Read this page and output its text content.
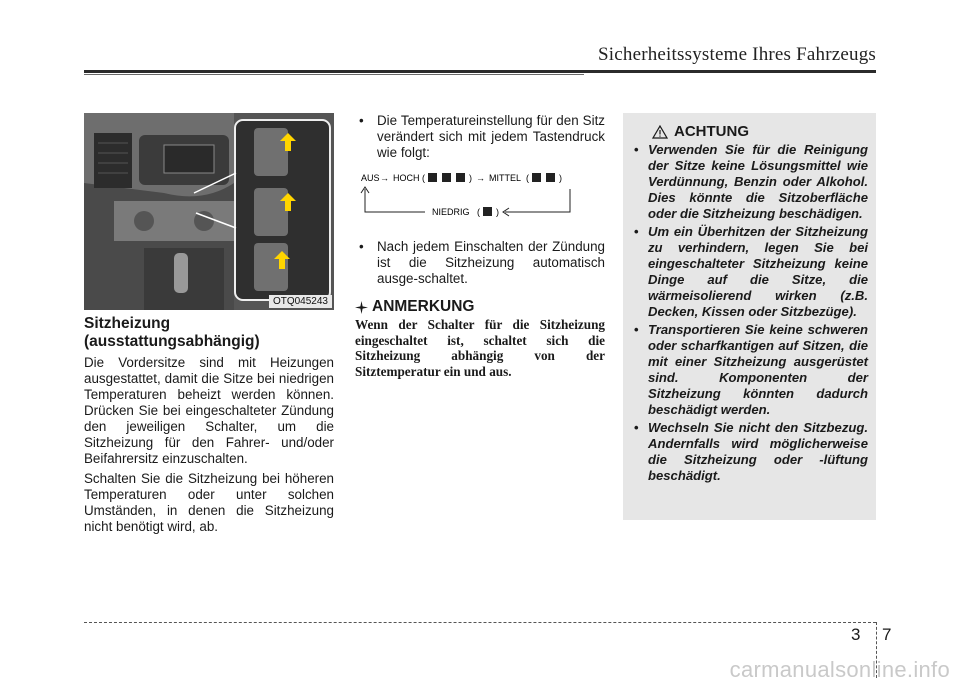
Sicherheitssysteme Ihres Fahrzeugs
OTQ045243
Sitzheizung (ausstattungsabhängig)

Die Vordersitze sind mit Heizungen ausgestattet, damit die Sitze bei niedrigen Temperaturen beheizt werden können. Drücken Sie bei eingeschalteter Zündung den jeweiligen Schalter, um die Sitzheizung für den Fahrer- und/oder Beifahrersitz einzuschalten.

Schalten Sie die Sitzheizung bei höheren Temperaturen oder unter solchen Umständen, in denen die Sitzheizung nicht benötigt wird, ab.

• Die Temperatureinstellung für den Sitz verändert sich mit jedem Tastendruck wie folgt:
AUS → HOCH (	) → MITTEL (	)
NIEDRIG ( )
• Nach jedem Einschalten der Zündung ist die Sitzheizung automatisch ausge-schaltet.
ANMERKUNG
Wenn der Schalter für die Sitzheizung eingeschaltet ist, schaltet sich die Sitzheizung abhängig von der Sitztemperatur ein und aus.
ACHTUNG
• Verwenden Sie für die Reinigung der Sitze keine Lösungsmittel wie Verdünnung, Benzin oder Alkohol. Dies könnte die Sitzoberfläche oder die Sitzheizung beschädigen.
• Um ein Überhitzen der Sitzheizung zu verhindern, legen Sie bei eingeschalteter Sitzheizung keine Dinge auf die Sitze, die wärmeisolierend wirken (z.B. Decken, Kissen oder Sitzbezüge).
• Transportieren Sie keine schweren oder scharfkantigen auf Sitzen, die mit einer Sitzheizung ausgerüstet sind. Komponenten der Sitzheizung könnten dadurch beschädigt werden.
• Wechseln Sie nicht den Sitzbezug. Andernfalls wird möglicherweise die Sitzheizung oder -lüftung beschädigt.
3 7
carmanualsonline.info
